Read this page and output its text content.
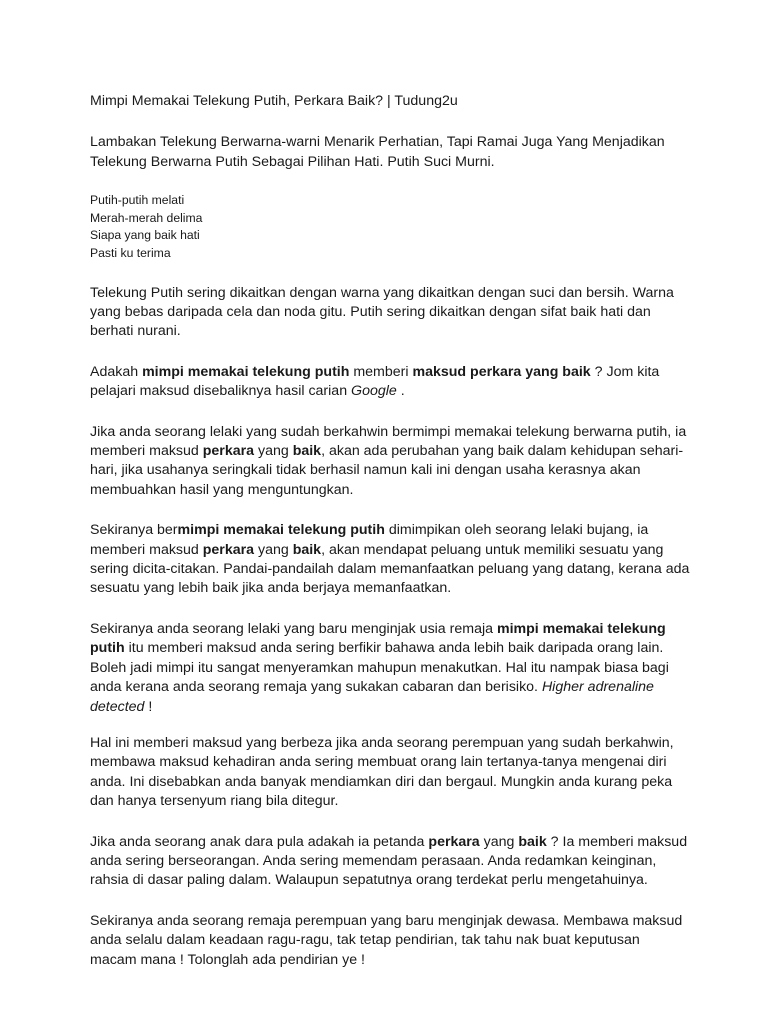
Mimpi Memakai Telekung Putih, Perkara Baik? | Tudung2u

Lambakan Telekung Berwarna-warni Menarik Perhatian, Tapi Ramai Juga Yang Menjadikan Telekung Berwarna Putih Sebagai Pilihan Hati. Putih Suci Murni.

Putih-putih melati
Merah-merah delima
Siapa yang baik hati
Pasti ku terima

Telekung Putih sering dikaitkan dengan warna yang dikaitkan dengan suci dan bersih. Warna yang bebas daripada cela dan noda gitu. Putih sering dikaitkan dengan sifat baik hati dan berhati nurani.

Adakah mimpi memakai telekung putih memberi maksud perkara yang baik ? Jom kita pelajari maksud disebaliknya hasil carian Google .

Jika anda seorang lelaki yang sudah berkahwin bermimpi memakai telekung berwarna putih, ia memberi maksud perkara yang baik, akan ada perubahan yang baik dalam kehidupan sehari-hari, jika usahanya seringkali tidak berhasil namun kali ini dengan usaha kerasnya akan membuahkan hasil yang menguntungkan.

Sekiranya bermimpi memakai telekung putih dimimpikan oleh seorang lelaki bujang, ia memberi maksud perkara yang baik, akan mendapat peluang untuk memiliki sesuatu yang sering dicita-citakan. Pandai-pandailah dalam memanfaatkan peluang yang datang, kerana ada sesuatu yang lebih baik jika anda berjaya memanfaatkan.

Sekiranya anda seorang lelaki yang baru menginjak usia remaja mimpi memakai telekung putih itu memberi maksud anda sering berfikir bahawa anda lebih baik daripada orang lain. Boleh jadi mimpi itu sangat menyeramkan mahupun menakutkan. Hal itu nampak biasa bagi anda kerana anda seorang remaja yang sukakan cabaran dan berisiko. Higher adrenaline detected !

Hal ini memberi maksud yang berbeza jika anda seorang perempuan yang sudah berkahwin, membawa maksud kehadiran anda sering membuat orang lain tertanya-tanya mengenai diri anda. Ini disebabkan anda banyak mendiamkan diri dan bergaul. Mungkin anda kurang peka dan hanya tersenyum riang bila ditegur.

Jika anda seorang anak dara pula adakah ia petanda perkara yang baik ? Ia memberi maksud anda sering berseorangan. Anda sering memendam perasaan. Anda redamkan keinginan, rahsia di dasar paling dalam. Walaupun sepatutnya orang terdekat perlu mengetahuinya.

Sekiranya anda seorang remaja perempuan yang baru menginjak dewasa. Membawa maksud anda selalu dalam keadaan ragu-ragu, tak tetap pendirian, tak tahu nak buat keputusan macam mana ! Tolonglah ada pendirian ye !
